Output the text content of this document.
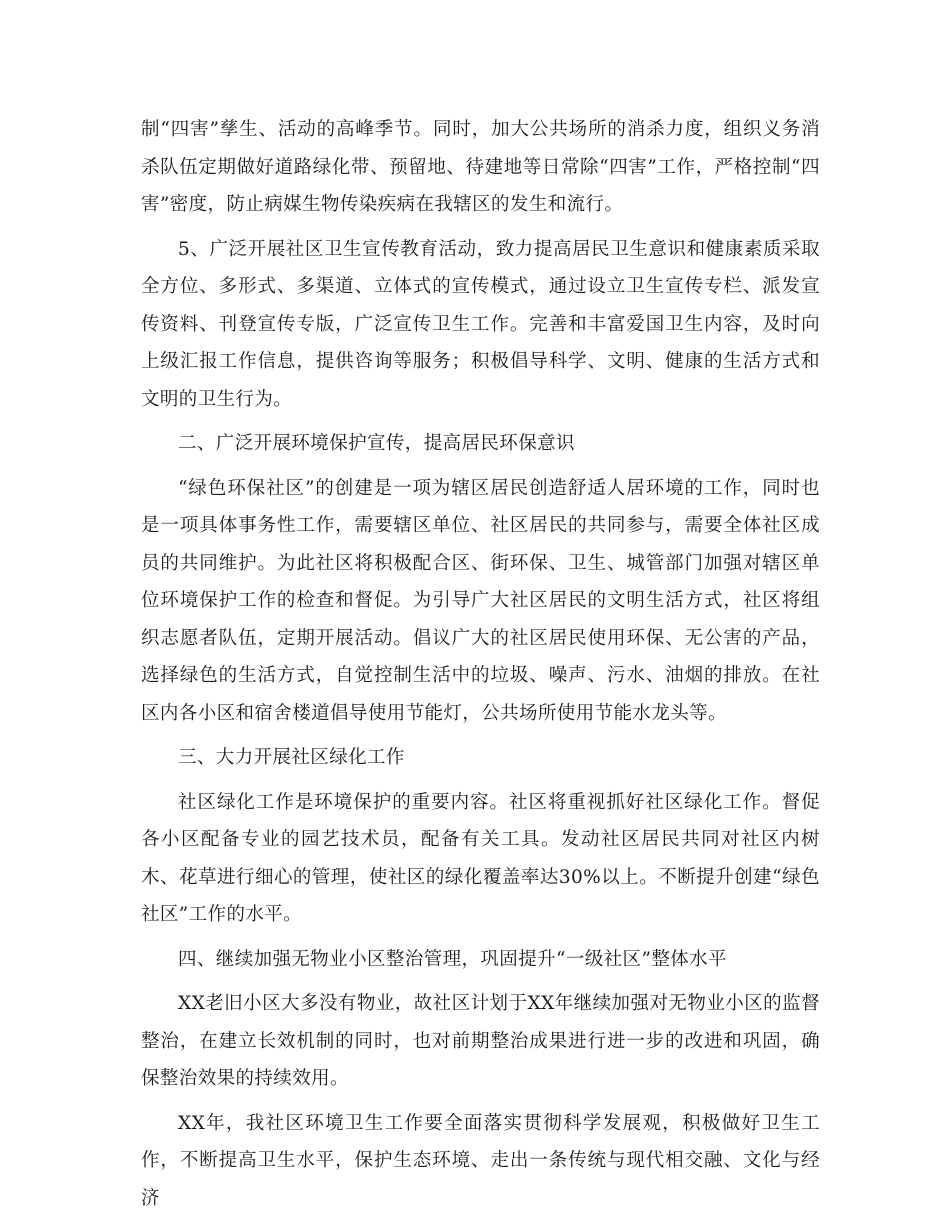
制“四害”孳生、活动的高峰季节。同时，加大公共场所的消杀力度，组织义务消杀队伍定期做好道路绿化带、预留地、待建地等日常除“四害”工作，严格控制“四害”密度，防止病媒生物传染疾病在我辖区的发生和流行。

5、广泛开展社区卫生宣传教育活动，致力提高居民卫生意识和健康素质采取全方位、多形式、多渠道、立体式的宣传模式，通过设立卫生宣传专栏、派发宣传资料、刊登宣传专版，广泛宣传卫生工作。完善和丰富爱国卫生内容，及时向上级汇报工作信息，提供咨询等服务；积极倡导科学、文明、健康的生活方式和文明的卫生行为。

二、广泛开展环境保护宣传，提高居民环保意识

“绿色环保社区”的创建是一项为辖区居民创造舒适人居环境的工作，同时也是一项具体事务性工作，需要辖区单位、社区居民的共同参与，需要全体社区成员的共同维护。为此社区将积极配合区、街环保、卫生、城管部门加强对辖区单位环境保护工作的检查和督促。为引导广大社区居民的文明生活方式，社区将组织志愿者队伍，定期开展活动。倡议广大的社区居民使用环保、无公害的产品，选择绿色的生活方式，自觉控制生活中的垃圾、噪声、污水、油烟的排放。在社区内各小区和宿舍楼道倡导使用节能灯，公共场所使用节能水龙头等。

三、大力开展社区绿化工作

社区绿化工作是环境保护的重要内容。社区将重视抓好社区绿化工作。督促各小区配备专业的园艺技术员，配备有关工具。发动社区居民共同对社区内树木、花草进行细心的管理，使社区的绿化覆盖率达30%以上。不断提升创建“绿色社区”工作的水平。

四、继续加强无物业小区整治管理，巩固提升“一级社区”整体水平

XX老旧小区大多没有物业，故社区计划于XX年继续加强对无物业小区的监督整治，在建立长效机制的同时，也对前期整治成果进行进一步的改进和巩固，确保整治效果的持续效用。

XX年，我社区环境卫生工作要全面落实贯彻科学发展观，积极做好卫生工作，不断提高卫生水平，保护生态环境、走出一条传统与现代相交融、文化与经济
